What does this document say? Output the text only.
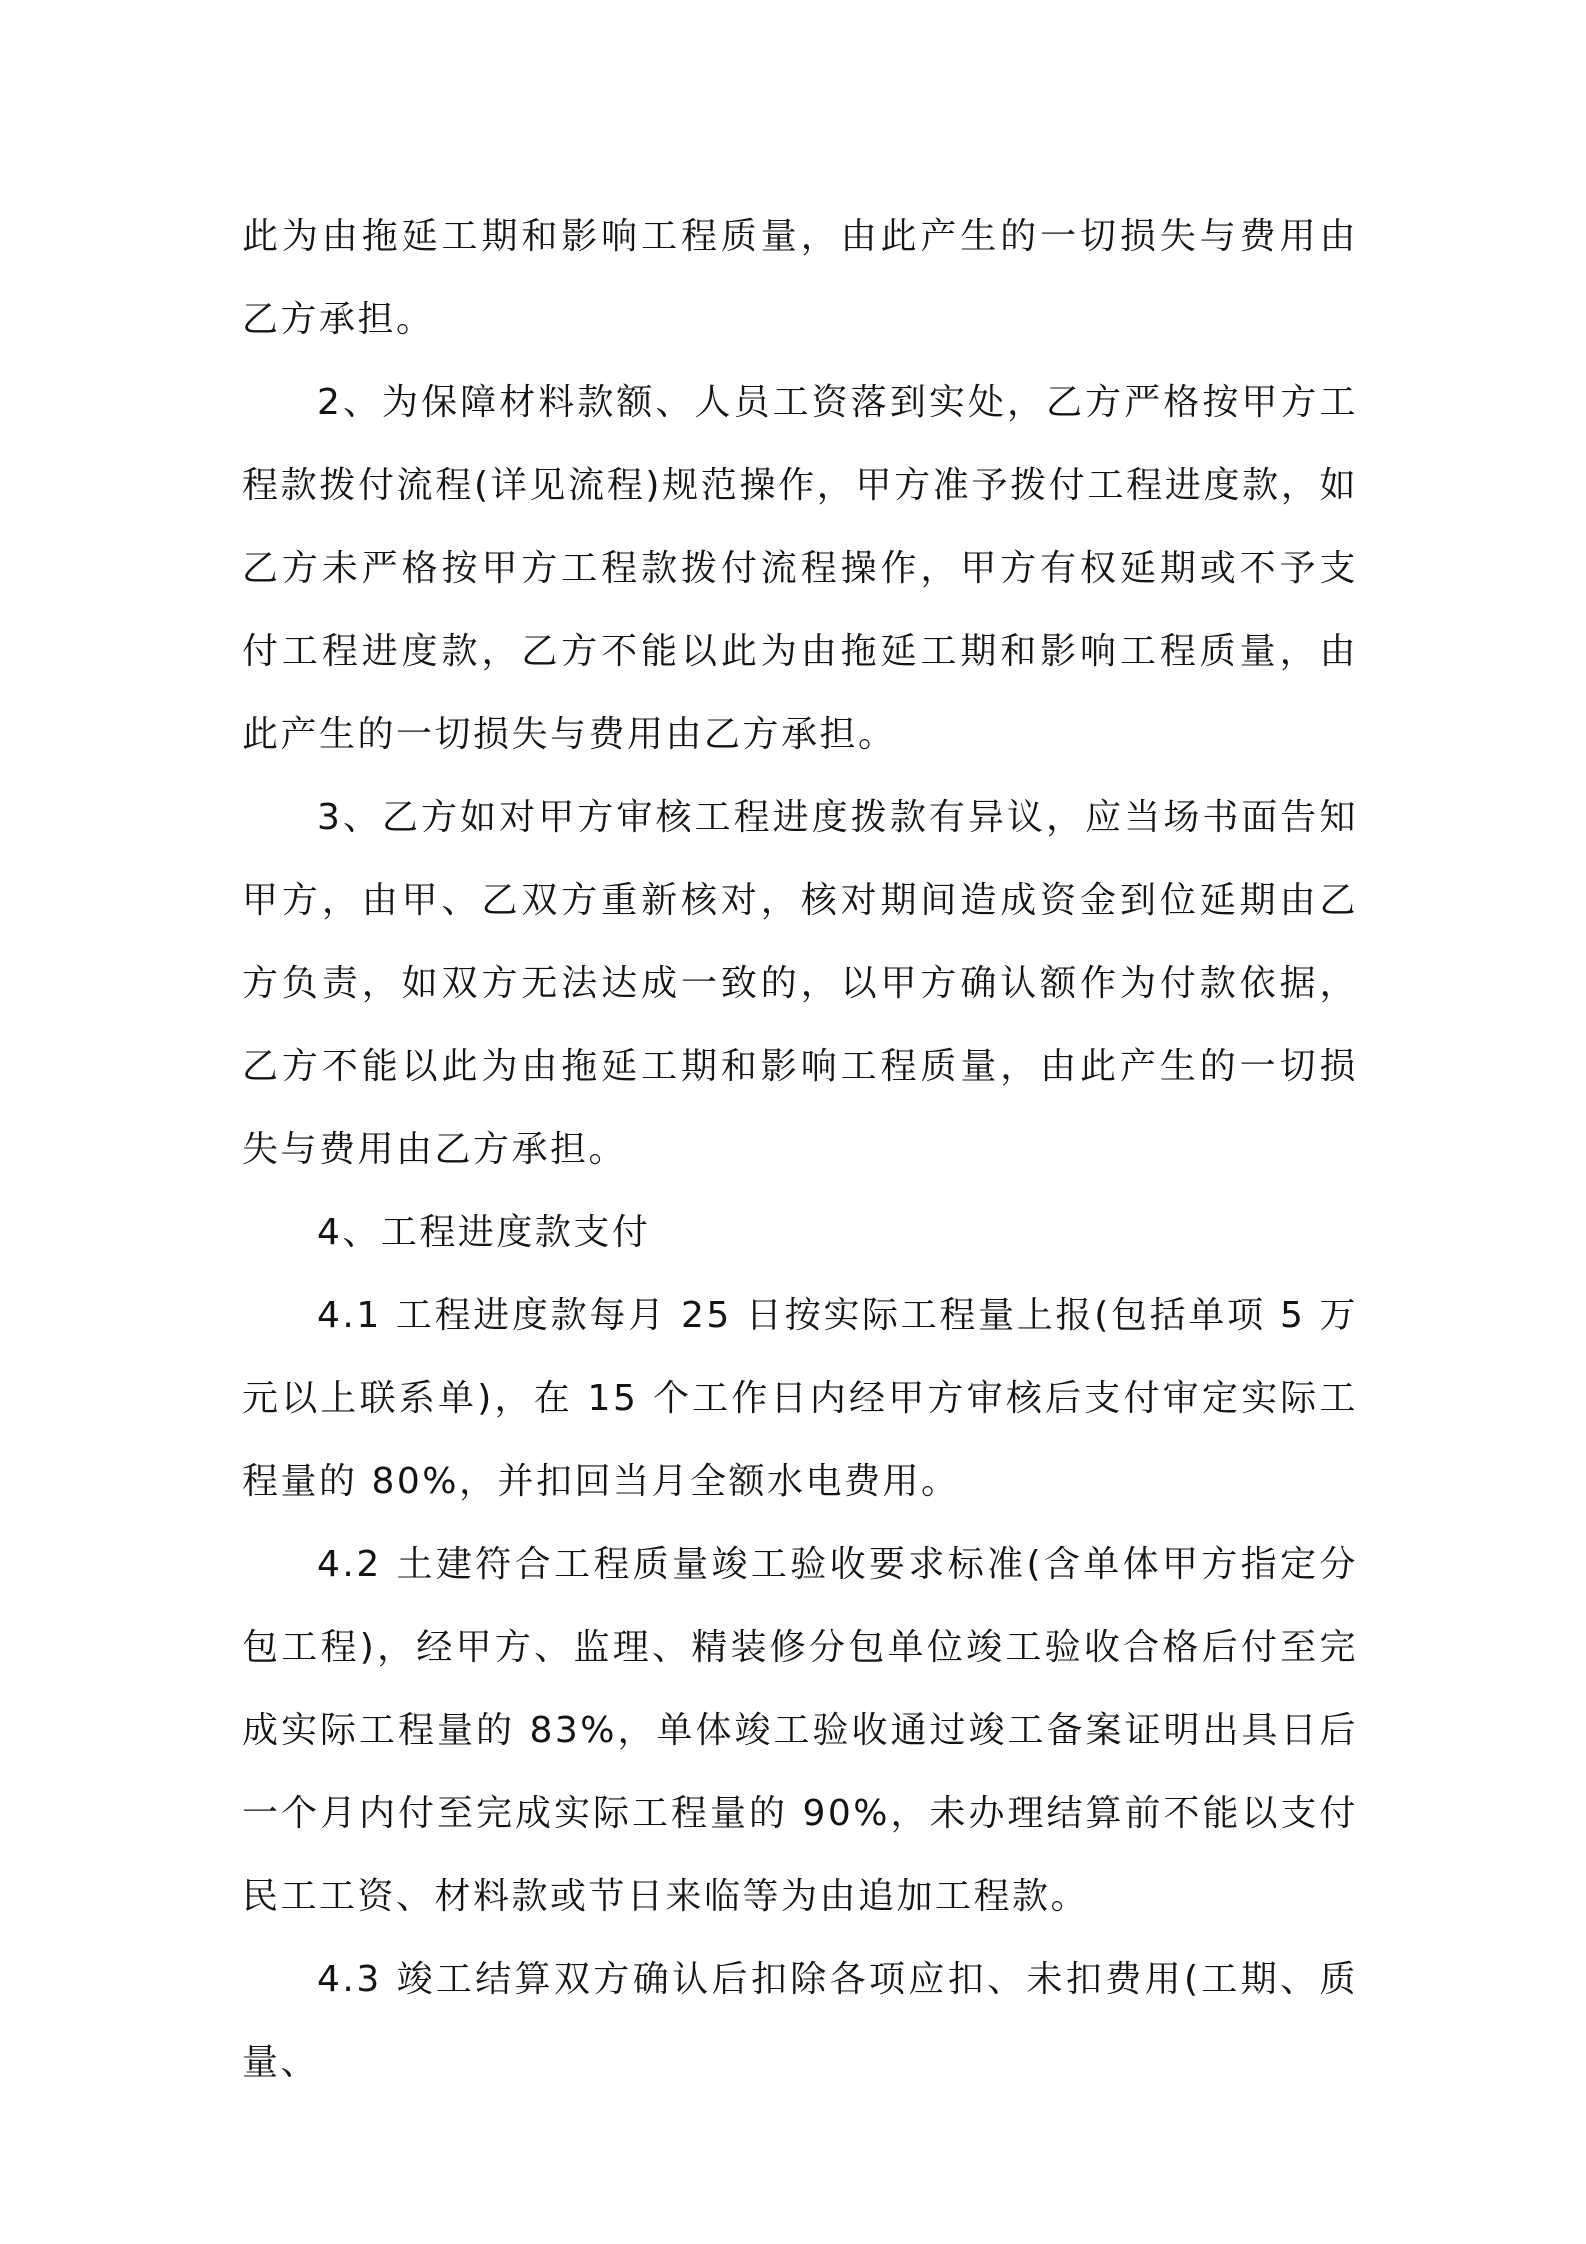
此为由拖延工期和影响工程质量，由此产生的一切损失与费用由乙方承担。

2、为保障材料款额、人员工资落到实处，乙方严格按甲方工程款拨付流程(详见流程)规范操作，甲方准予拨付工程进度款，如乙方未严格按甲方工程款拨付流程操作，甲方有权延期或不予支付工程进度款，乙方不能以此为由拖延工期和影响工程质量，由此产生的一切损失与费用由乙方承担。

3、乙方如对甲方审核工程进度拨款有异议，应当场书面告知甲方，由甲、乙双方重新核对，核对期间造成资金到位延期由乙方负责，如双方无法达成一致的，以甲方确认额作为付款依据，乙方不能以此为由拖延工期和影响工程质量，由此产生的一切损失与费用由乙方承担。

4、工程进度款支付

4.1 工程进度款每月 25 日按实际工程量上报(包括单项 5 万元以上联系单)，在 15 个工作日内经甲方审核后支付审定实际工程量的 80%，并扣回当月全额水电费用。

4.2 土建符合工程质量竣工验收要求标准(含单体甲方指定分包工程)，经甲方、监理、精装修分包单位竣工验收合格后付至完成实际工程量的 83%，单体竣工验收通过竣工备案证明出具日后一个月内付至完成实际工程量的 90%，未办理结算前不能以支付民工工资、材料款或节日来临等为由追加工程款。

4.3 竣工结算双方确认后扣除各项应扣、未扣费用(工期、质量、
